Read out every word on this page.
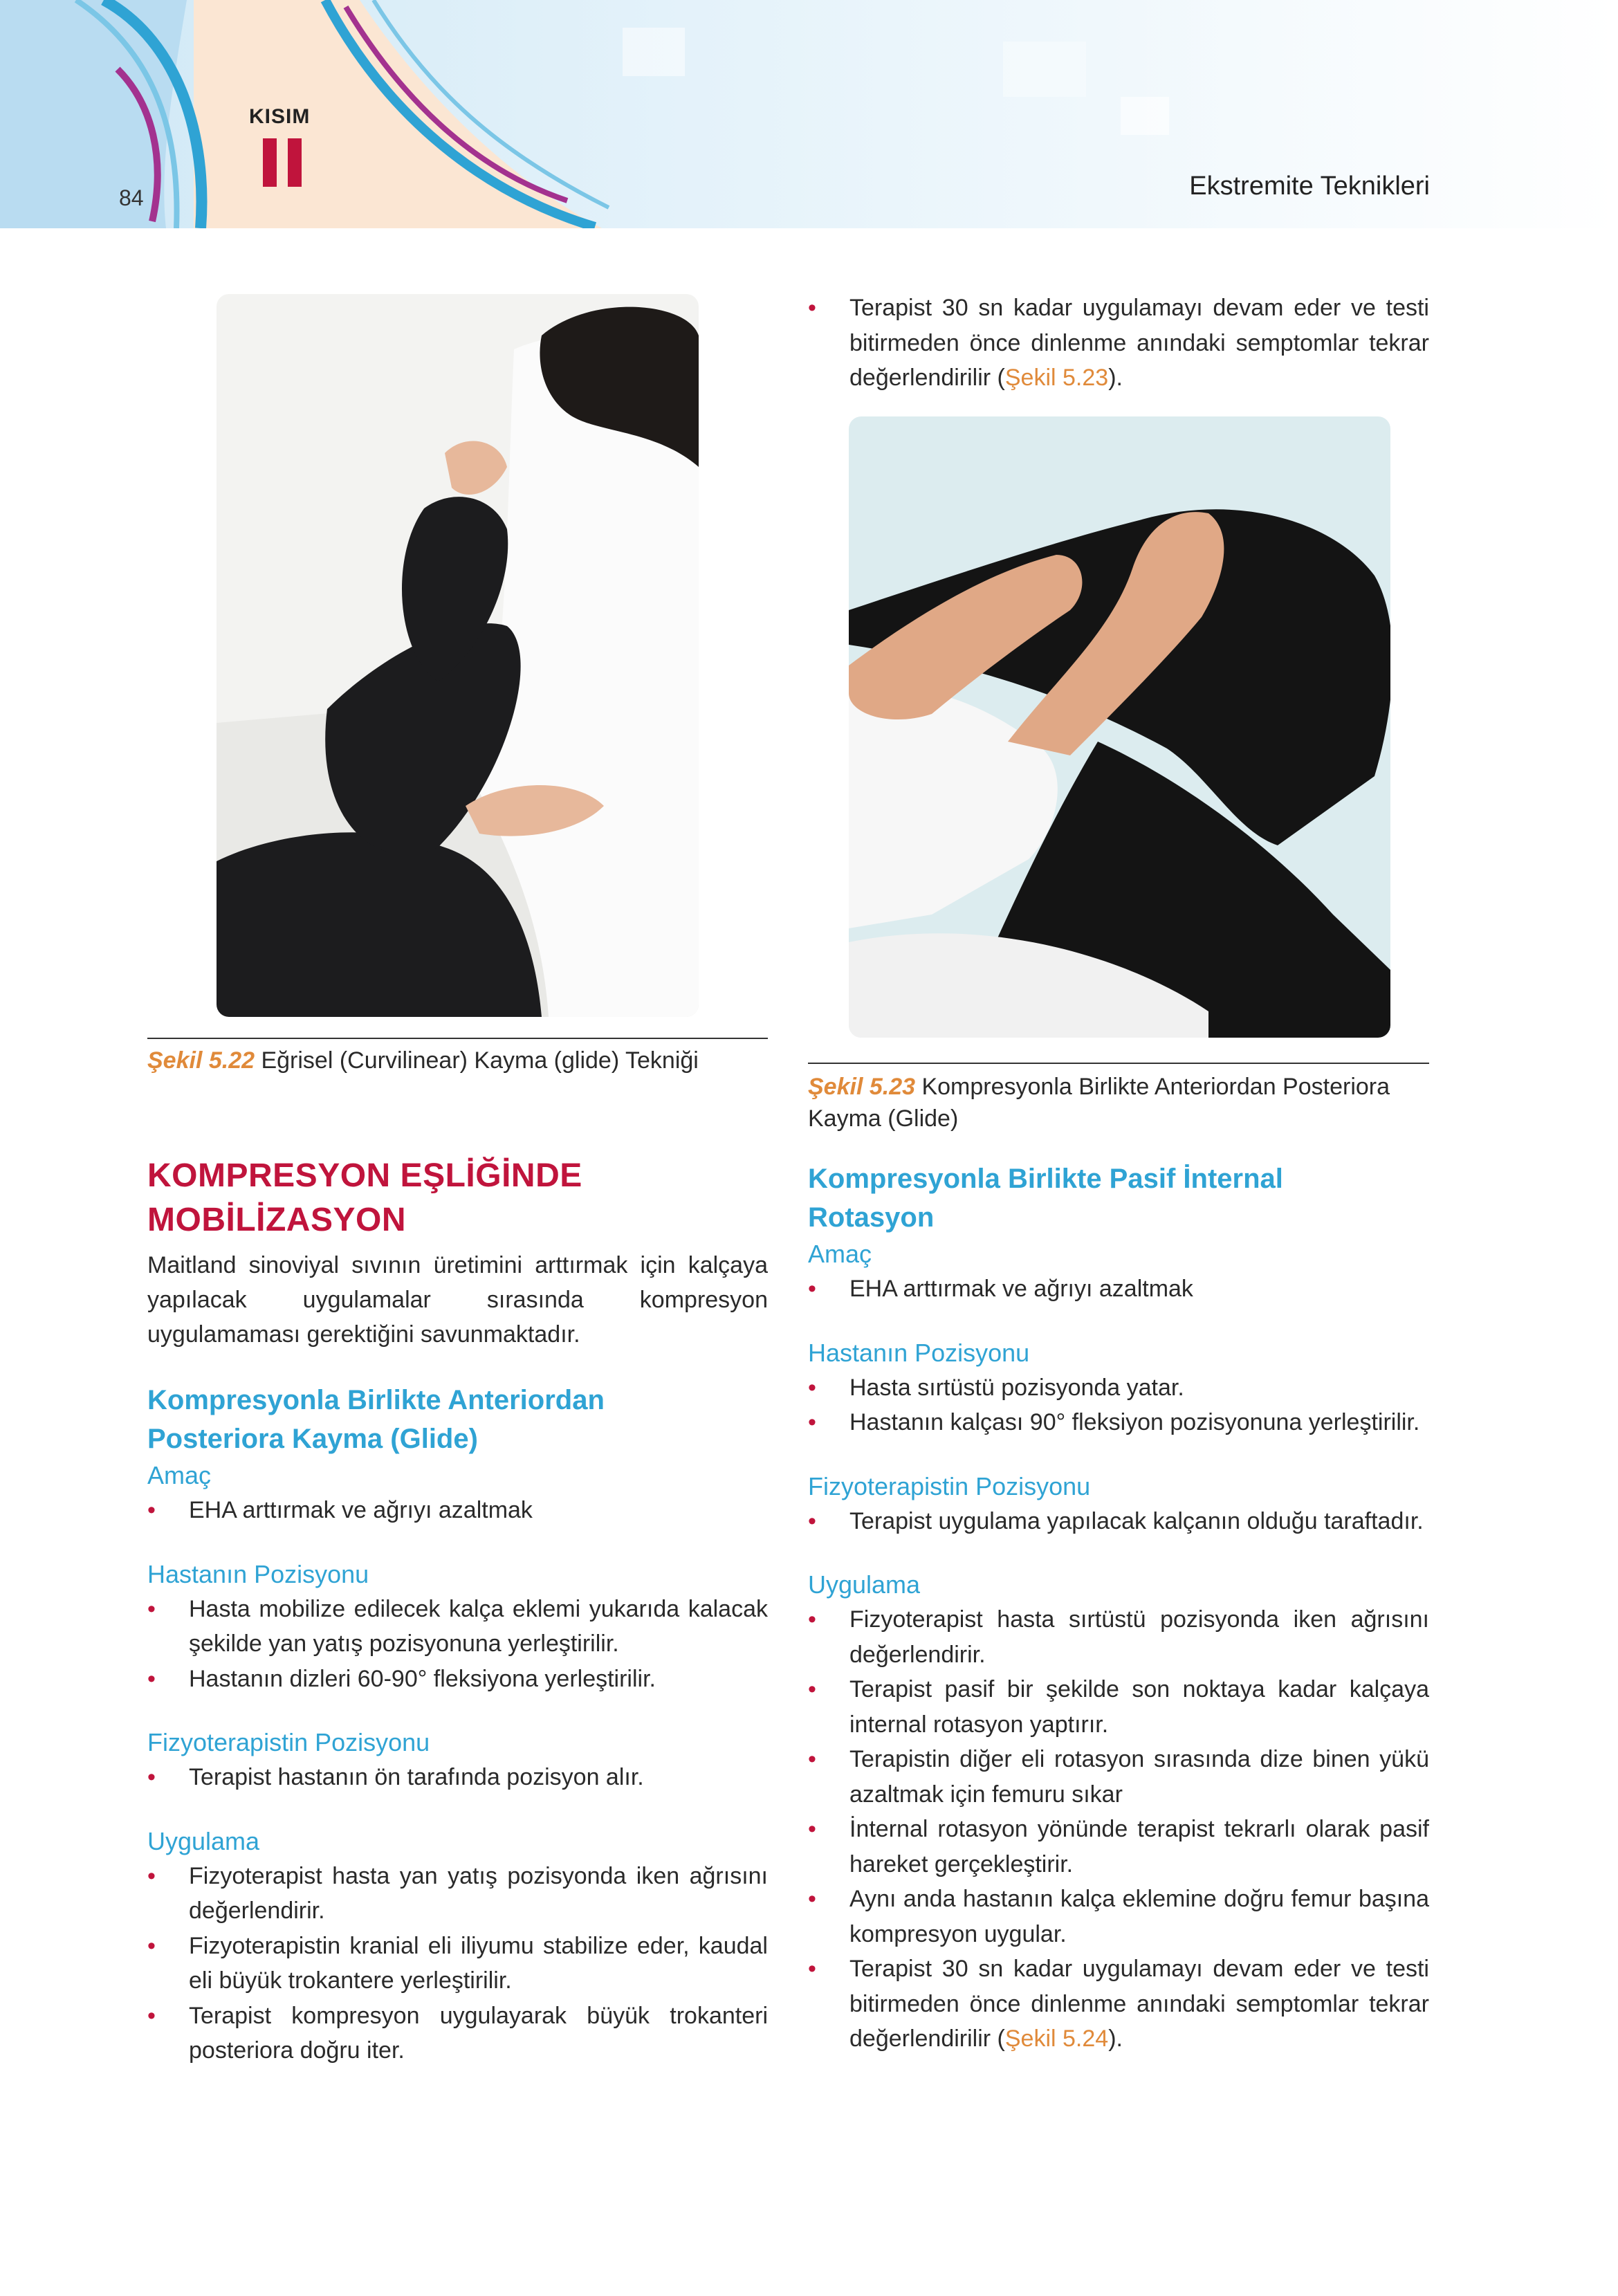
84
KISIM
Ekstremite Teknikleri
• Terapist 30 sn kadar uygulamayı devam eder ve testi bitirmeden önce dinlenme anındaki semptomlar tekrar değerlendirilir (Şekil 5.23).
Şekil 5.22 Eğrisel (Curvilinear) Kayma (glide) Tekniği
Şekil 5.23 Kompresyonla Birlikte Anteriordan Posteriora Kayma (Glide)
KOMPRESYON EŞLİĞİNDE MOBİLİZASYON
Maitland sinoviyal sıvının üretimini arttırmak için kalçaya yapılacak uygulamalar sırasında kompresyon uygulamaması gerektiğini savunmaktadır.
Kompresyonla Birlikte Anteriordan Posteriora Kayma (Glide)
Amaç
• EHA arttırmak ve ağrıyı azaltmak
Hastanın Pozisyonu
• Hasta mobilize edilecek kalça eklemi yukarıda kalacak şekilde yan yatış pozisyonuna yerleştirilir.
• Hastanın dizleri 60-90° fleksiyona yerleştirilir.
Fizyoterapistin Pozisyonu
• Terapist hastanın ön tarafında pozisyon alır.
Uygulama
• Fizyoterapist hasta yan yatış pozisyonda iken ağrısını değerlendirir.
• Fizyoterapistin kranial eli iliyumu stabilize eder, kaudal eli büyük trokantere yerleştirilir.
• Terapist kompresyon uygulayarak büyük trokanteri posteriora doğru iter.
Kompresyonla Birlikte Pasif İnternal Rotasyon
Amaç
• EHA arttırmak ve ağrıyı azaltmak
Hastanın Pozisyonu
• Hasta sırtüstü pozisyonda yatar.
• Hastanın kalçası 90° fleksiyon pozisyonuna yerleştirilir.
Fizyoterapistin Pozisyonu
• Terapist uygulama yapılacak kalçanın olduğu taraftadır.
Uygulama
• Fizyoterapist hasta sırtüstü pozisyonda iken ağrısını değerlendirir.
• Terapist pasif bir şekilde son noktaya kadar kalçaya internal rotasyon yaptırır.
• Terapistin diğer eli rotasyon sırasında dize binen yükü azaltmak için femuru sıkar
• İnternal rotasyon yönünde terapist tekrarlı olarak pasif hareket gerçekleştirir.
• Aynı anda hastanın kalça eklemine doğru femur başına kompresyon uygular.
• Terapist 30 sn kadar uygulamayı devam eder ve testi bitirmeden önce dinlenme anındaki semptomlar tekrar değerlendirilir (Şekil 5.24).
